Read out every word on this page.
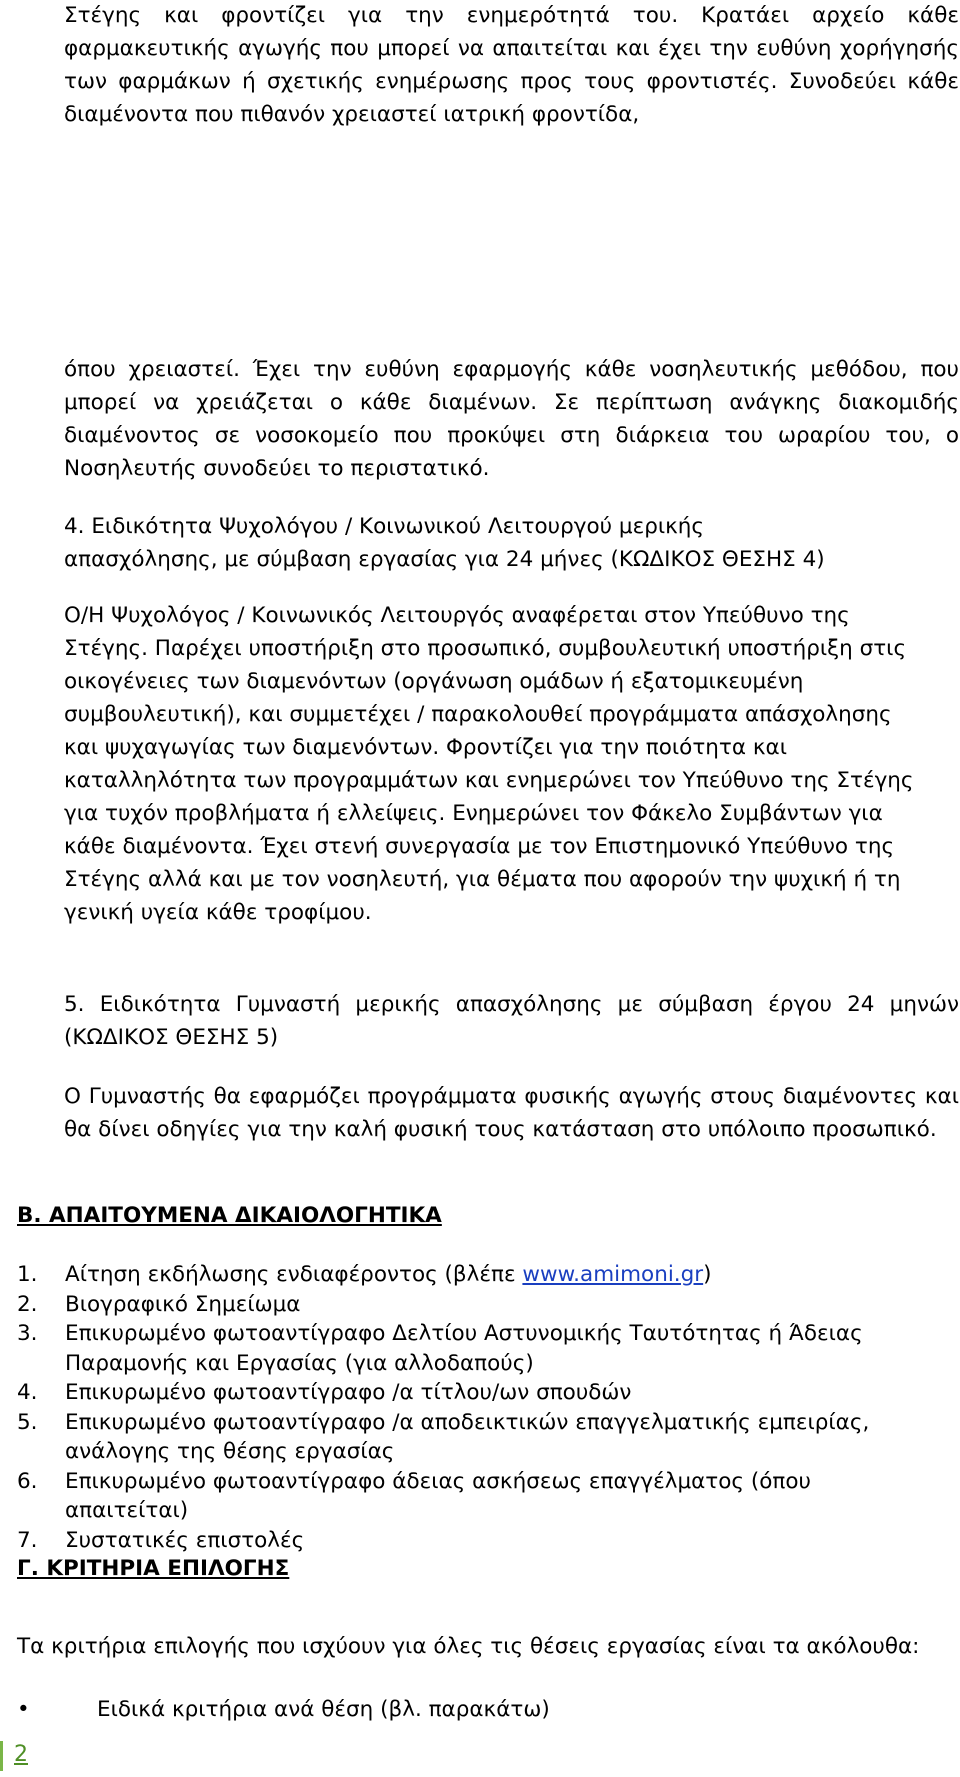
Στέγης και φροντίζει για την ενημερότητά του. Κρατάει αρχείο κάθε φαρμακευτικής αγωγής που μπορεί να απαιτείται και έχει την ευθύνη χορήγησής των φαρμάκων ή σχετικής ενημέρωσης προς τους φροντιστές. Συνοδεύει κάθε διαμένοντα που πιθανόν χρειαστεί ιατρική φροντίδα,

όπου χρειαστεί. Έχει την ευθύνη εφαρμογής κάθε νοσηλευτικής μεθόδου, που μπορεί να χρειάζεται ο κάθε διαμένων. Σε περίπτωση ανάγκης διακομιδής διαμένοντος σε νοσοκομείο που προκύψει στη διάρκεια του ωραρίου του, ο Νοσηλευτής συνοδεύει το περιστατικό.

4. Ειδικότητα Ψυχολόγου / Κοινωνικού Λειτουργού μερικής

απασχόλησης, με σύμβαση εργασίας για 24 μήνες (ΚΩΔΙΚΟΣ ΘΕΣΗΣ 4)

Ο/Η Ψυχολόγος / Κοινωνικός Λειτουργός αναφέρεται στον Υπεύθυνο της Στέγης. Παρέχει υποστήριξη στο προσωπικό, συμβουλευτική υποστήριξη στις οικογένειες των διαμενόντων (οργάνωση ομάδων ή εξατομικευμένη συμβουλευτική), και συμμετέχει / παρακολουθεί προγράμματα απάσχολησης και ψυχαγωγίας των διαμενόντων. Φροντίζει για την ποιότητα και καταλληλότητα των προγραμμάτων και ενημερώνει τον Υπεύθυνο της Στέγης για τυχόν προβλήματα ή ελλείψεις. Ενημερώνει τον Φάκελο Συμβάντων για κάθε διαμένοντα. Έχει στενή συνεργασία με τον Επιστημονικό Υπεύθυνο της Στέγης αλλά και με τον νοσηλευτή, για θέματα που αφορούν την ψυχική ή τη γενική υγεία κάθε τροφίμου.

5. Ειδικότητα Γυμναστή μερικής απασχόλησης με σύμβαση έργου 24 μηνών (ΚΩΔΙΚΟΣ ΘΕΣΗΣ 5)

Ο Γυμναστής θα εφαρμόζει προγράμματα φυσικής αγωγής στους διαμένοντες και θα δίνει οδηγίες για την καλή φυσική τους κατάσταση στο υπόλοιπο προσωπικό.

Β. ΑΠΑΙΤΟΥΜΕΝΑ ΔΙΚΑΙΟΛΟΓΗΤΙΚΑ
1. Αίτηση εκδήλωσης ενδιαφέροντος (βλέπε www.amimoni.gr)
2. Βιογραφικό Σημείωμα
3. Επικυρωμένο φωτοαντίγραφο Δελτίου Αστυνομικής Ταυτότητας ή Άδειας Παραμονής και Εργασίας (για αλλοδαπούς)
4. Επικυρωμένο φωτοαντίγραφο /α τίτλου/ων σπουδών
5. Επικυρωμένο φωτοαντίγραφο /α αποδεικτικών επαγγελματικής εμπειρίας, ανάλογης της θέσης εργασίας
6. Επικυρωμένο φωτοαντίγραφο άδειας ασκήσεως επαγγέλματος (όπου απαιτείται)
7. Συστατικές επιστολές
Γ. ΚΡΙΤΗΡΙΑ ΕΠΙΛΟΓΗΣ

Τα κριτήρια επιλογής που ισχύουν για όλες τις θέσεις εργασίας είναι τα ακόλουθα:

•	Ειδικά κριτήρια ανά θέση (βλ. παρακάτω)
2
